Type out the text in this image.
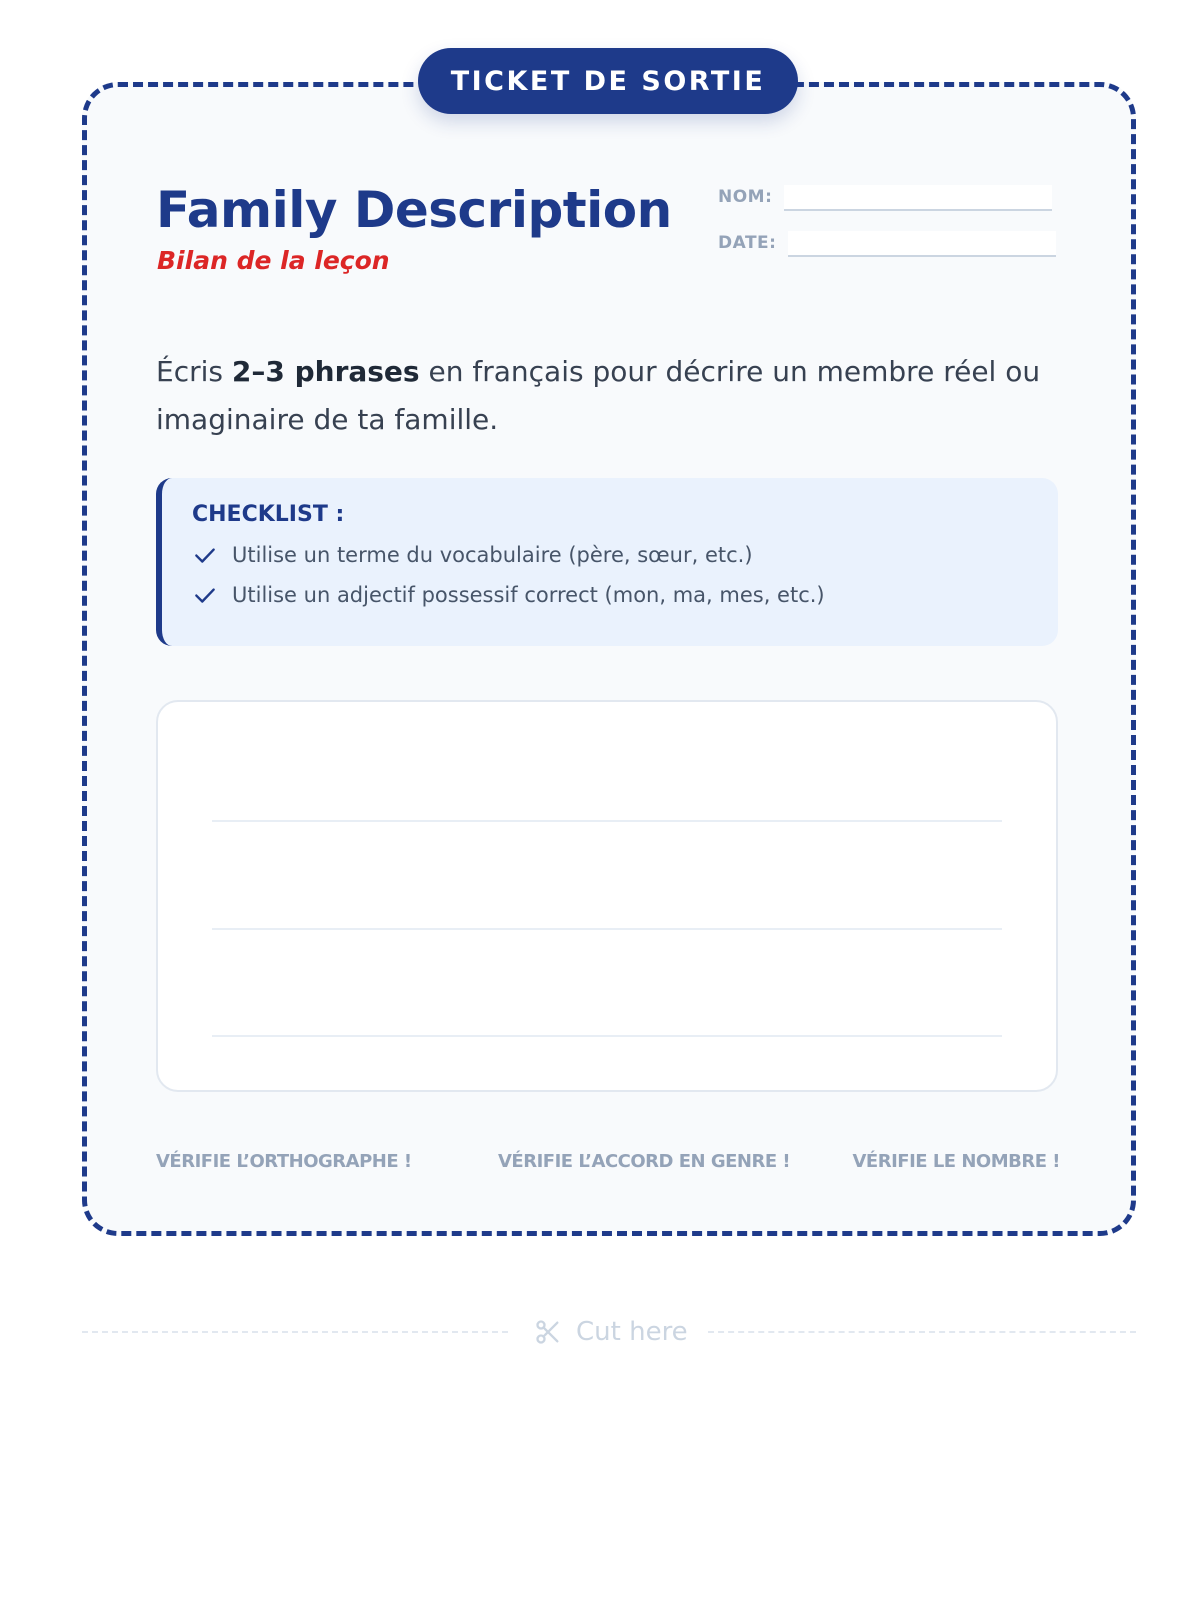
TICKET DE SORTIE
Family Description
Bilan de la leçon
NOM:
DATE:

Écris 2–3 phrases en français pour décrire un membre réel ou imaginaire de ta famille.

CHECKLIST :
Utilise un terme du vocabulaire (père, sœur, etc.)
Utilise un adjectif possessif correct (mon, ma, mes, etc.)
VÉRIFIE L’ORTHOGRAPHE !	VÉRIFIE L’ACCORD EN GENRE !	VÉRIFIE LE NOMBRE !
Cut here
